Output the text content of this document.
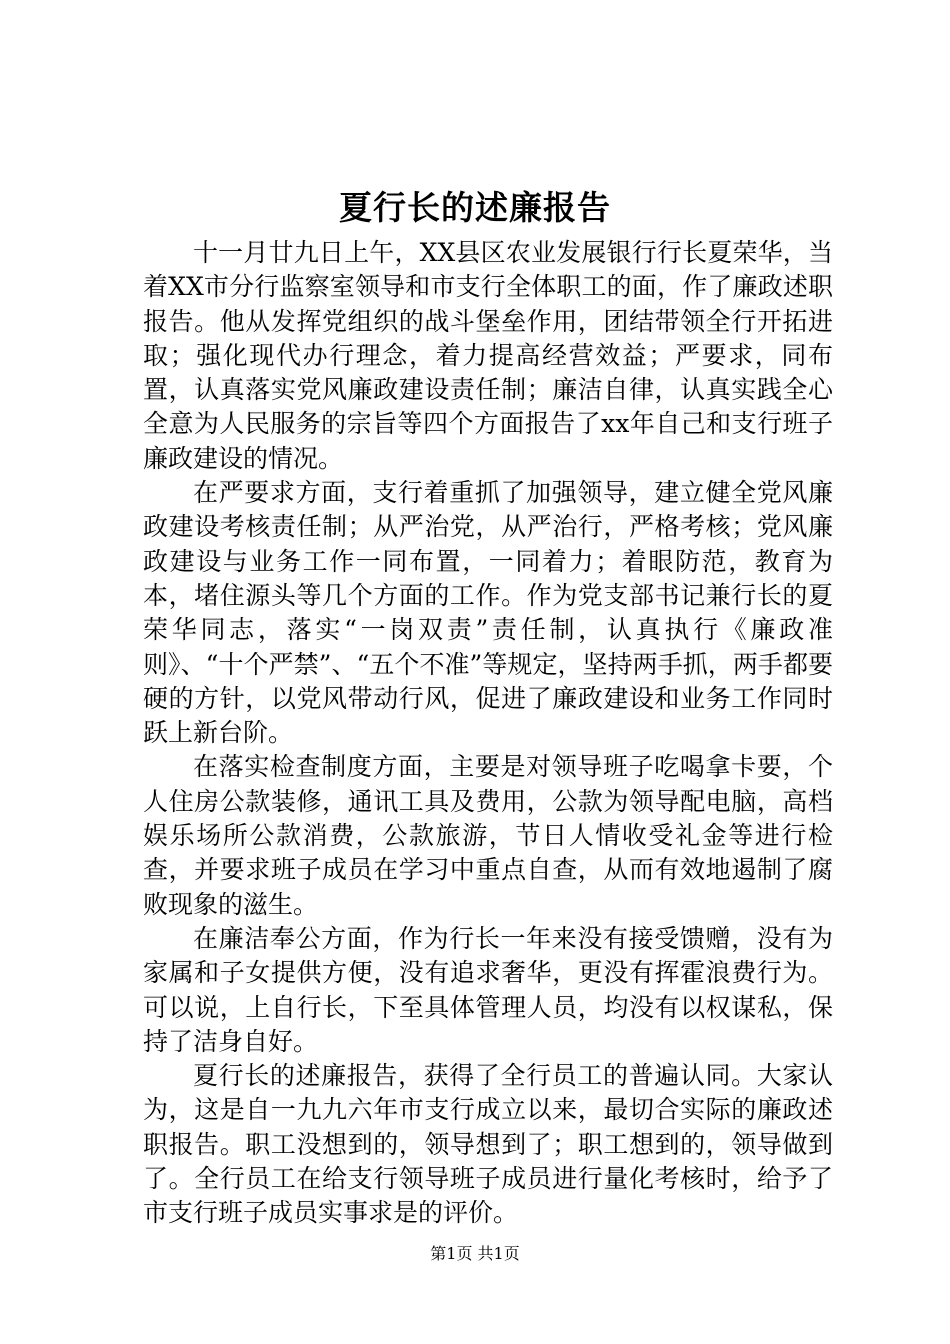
夏行长的述廉报告

十一月廿九日上午，XX县区农业发展银行行长夏荣华，当着XX市分行监察室领导和市支行全体职工的面，作了廉政述职报告。他从发挥党组织的战斗堡垒作用，团结带领全行开拓进取；强化现代办行理念，着力提高经营效益；严要求，同布置，认真落实党风廉政建设责任制；廉洁自律，认真实践全心全意为人民服务的宗旨等四个方面报告了xx年自己和支行班子廉政建设的情况。

在严要求方面，支行着重抓了加强领导，建立健全党风廉政建设考核责任制；从严治党，从严治行，严格考核；党风廉政建设与业务工作一同布置，一同着力；着眼防范，教育为本，堵住源头等几个方面的工作。作为党支部书记兼行长的夏荣华同志，落实“一岗双责”责任制，认真执行《廉政准则》、“十个严禁”、“五个不准”等规定，坚持两手抓，两手都要硬的方针，以党风带动行风，促进了廉政建设和业务工作同时跃上新台阶。

在落实检查制度方面，主要是对领导班子吃喝拿卡要，个人住房公款装修，通讯工具及费用，公款为领导配电脑，高档娱乐场所公款消费，公款旅游，节日人情收受礼金等进行检查，并要求班子成员在学习中重点自查，从而有效地遏制了腐败现象的滋生。

在廉洁奉公方面，作为行长一年来没有接受馈赠，没有为家属和子女提供方便，没有追求奢华，更没有挥霍浪费行为。可以说，上自行长，下至具体管理人员，均没有以权谋私，保持了洁身自好。

夏行长的述廉报告，获得了全行员工的普遍认同。大家认为，这是自一九九六年市支行成立以来，最切合实际的廉政述职报告。职工没想到的，领导想到了；职工想到的，领导做到了。全行员工在给支行领导班子成员进行量化考核时，给予了市支行班子成员实事求是的评价。

第1页 共1页
